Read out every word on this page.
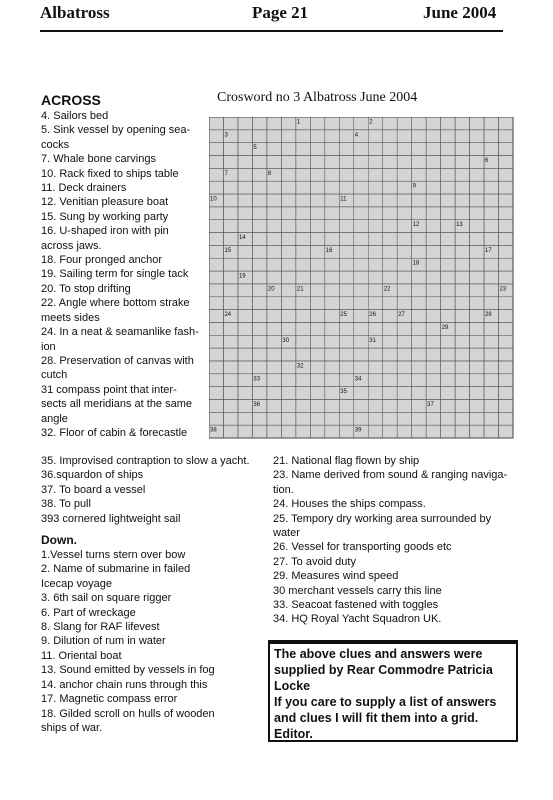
Albatross	Page 21	June 2004
ACROSS
4. Sailors bed
5. Sink vessel by opening sea-
cocks
7. Whale bone carvings
10. Rack fixed to ships table
11. Deck drainers
12. Venitian pleasure boat
15. Sung by working party
16. U-shaped iron with pin
across jaws.
18. Four pronged anchor
19. Sailing term for single tack
20. To stop drifting
22. Angle where bottom strake
meets sides
24. In a neat & seamanlike fash-
ion
28. Preservation of canvas with
cutch
31 compass point that inter-
sects all meridians at the same
angle
32. Floor of cabin & forecastle
Crosword no 3 Albatross June 2004
1	2
3	4
5
6
7	8
9
10	11
12	13
14
15	16	17
18
19
20	21	22	23
24	25	26	27	28
29
30	31
32
33	34
35
36	37
38	39
35. Improvised contraption to slow a yacht.
36.squardon of ships
37. To board a vessel
38. To pull
393 cornered lightweight sail
Down.
1.Vessel turns stern over bow
2. Name of submarine in failed
Icecap voyage
3. 6th sail on square rigger
6. Part of wreckage
8. Slang for RAF lifevest
9. Dilution of rum in water
11. Oriental boat
13. Sound emitted by vessels in fog
14. anchor chain runs through this
17. Magnetic compass error
18. Gilded scroll on hulls of wooden
ships of war.
21. National flag flown by ship
23. Name derived from sound & ranging naviga-
tion.
24. Houses the ships compass.
25. Tempory dry working area surrounded by
water
26. Vessel for transporting goods etc
27. To avoid duty
29. Measures wind speed
30 merchant vessels carry this line
33. Seacoat fastened with toggles
34. HQ Royal Yacht Squadron UK.
The above clues and answers were supplied by Rear Commodre Patricia Locke
If you care to supply a list of answers and clues I will fit them into a grid. Editor.
